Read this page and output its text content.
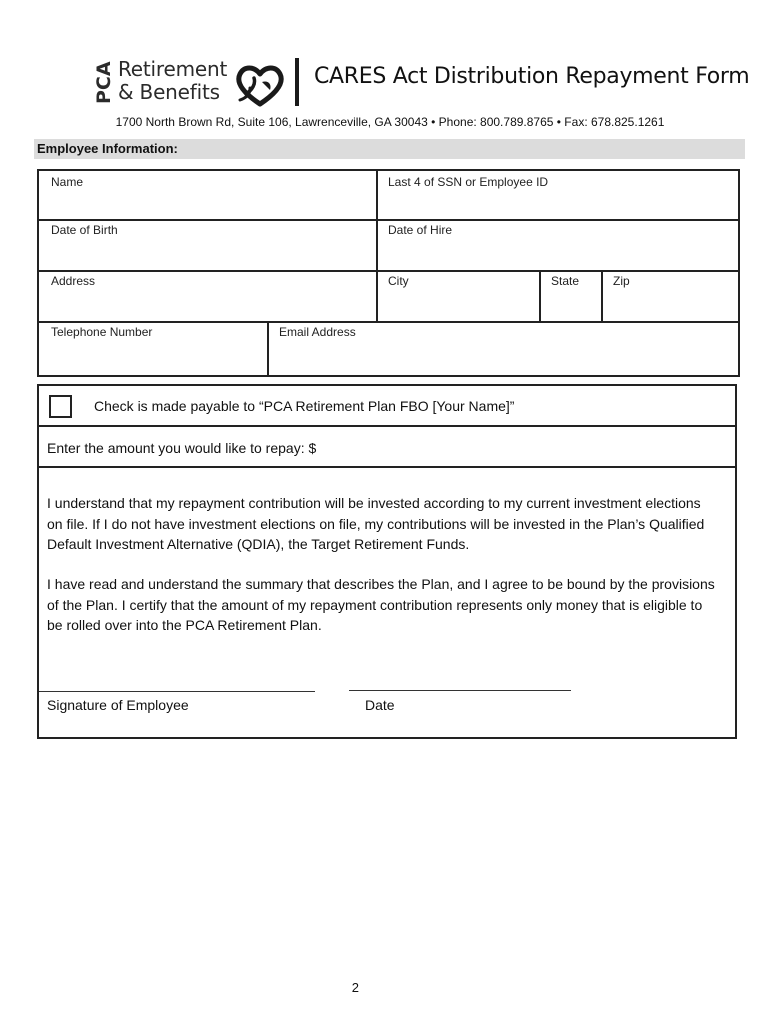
PCA Retirement
& Benefits
CARES Act Distribution Repayment Form
1700 North Brown Rd, Suite 106, Lawrenceville, GA 30043 • Phone: 800.789.8765 • Fax: 678.825.1261
Employee Information:
Name	Last 4 of SSN or Employee ID
Date of Birth	Date of Hire
Address	City	State	Zip
Telephone Number	Email Address
Check is made payable to “PCA Retirement Plan FBO [Your Name]”
Enter the amount you would like to repay: $

I understand that my repayment contribution will be invested according to my current investment elections on file. If I do not have investment elections on file, my contributions will be invested in the Plan’s Qualified Default Investment Alternative (QDIA), the Target Retirement Funds.

I have read and understand the summary that describes the Plan, and I agree to be bound by the provisions of the Plan. I certify that the amount of my repayment contribution represents only money that is eligible to be rolled over into the PCA Retirement Plan.

Signature of Employee	Date
2
